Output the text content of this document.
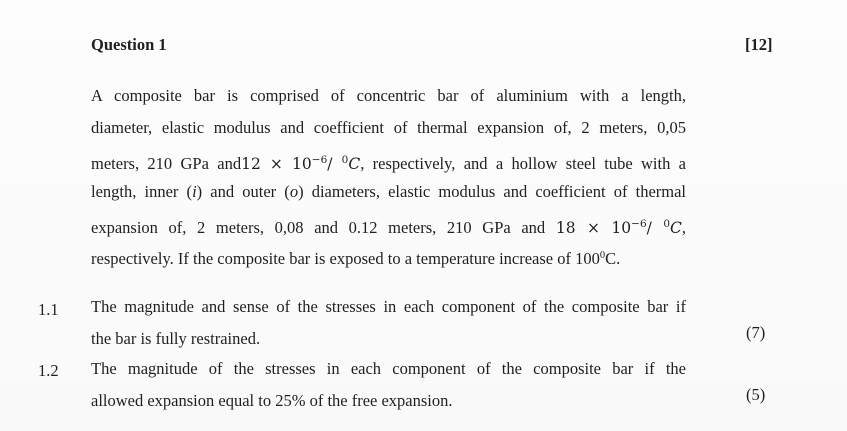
Question 1	[12]
A composite bar is comprised of concentric bar of aluminium with a length,
diameter, elastic modulus and coefficient of thermal expansion of, 2 meters, 0,05
meters, 210 GPa $and12 \times 10^{-6}/$ $^0$C, respectively, and a hollow steel tube with a
length, inner (i) and outer (o) diameters, elastic modulus and coefficient of thermal
expansion of, 2 meters, 0,08 and 0.12 meters, 210 GPa and $18 \times 10^{-6}/$ $^0$C,
respectively. If the composite bar is exposed to a temperature increase of $100^0C$.
1.1 The magnitude and sense of the stresses in each component of the composite bar if
the bar is fully restrained.	(7)
1.2 The magnitude of the stresses in each component of the composite bar if the
allowed expansion equal to 25% of the free expansion.	(5)
